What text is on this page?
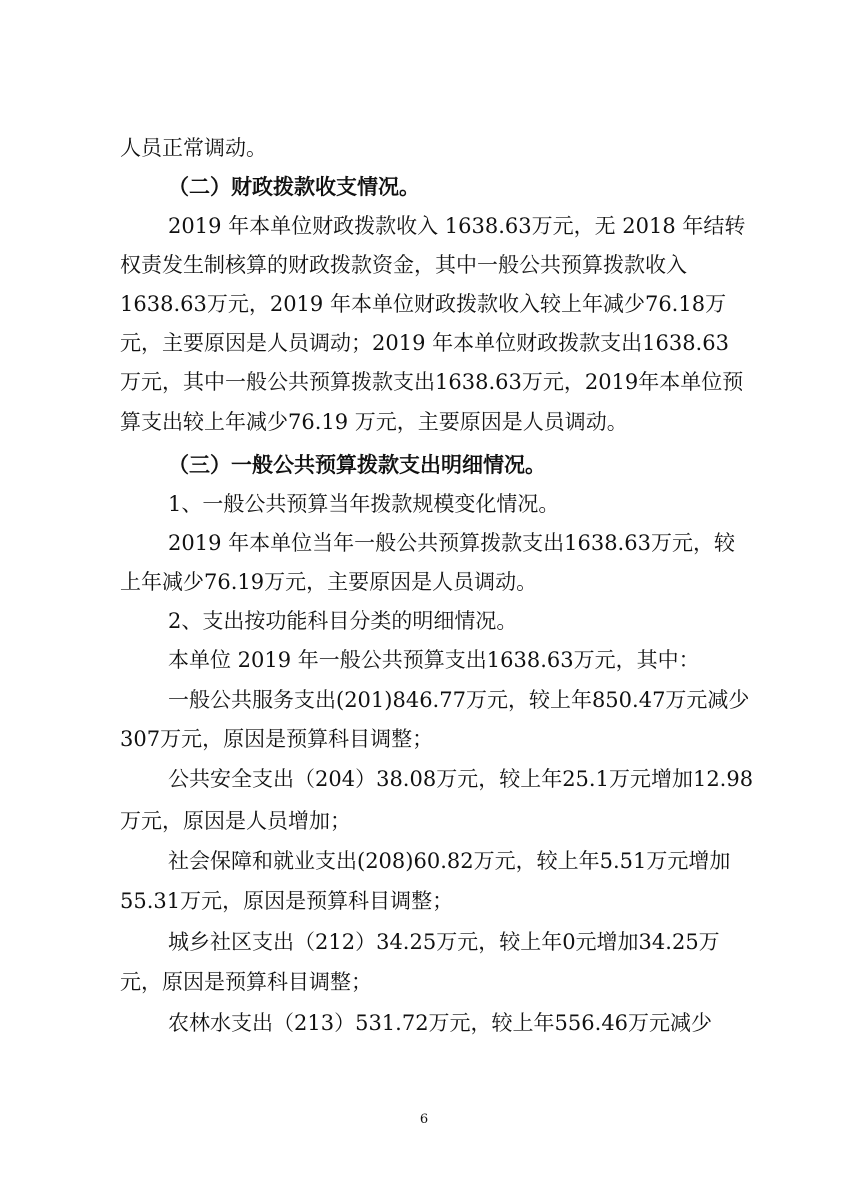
人员正常调动。
（二）财政拨款收支情况。
2019 年本单位财政拨款收入 1638.63万元，无 2018 年结转
权责发生制核算的财政拨款资金，其中一般公共预算拨款收入
1638.63万元，2019 年本单位财政拨款收入较上年减少76.18万
元，主要原因是人员调动；2019 年本单位财政拨款支出1638.63
万元，其中一般公共预算拨款支出1638.63万元，2019年本单位预
算支出较上年减少76.19 万元，主要原因是人员调动。
（三）一般公共预算拨款支出明细情况。
1、一般公共预算当年拨款规模变化情况。
2019 年本单位当年一般公共预算拨款支出1638.63万元，较
上年减少76.19万元，主要原因是人员调动。
2、支出按功能科目分类的明细情况。
本单位 2019 年一般公共预算支出1638.63万元，其中：
一般公共服务支出(201)846.77万元，较上年850.47万元减少
307万元，原因是预算科目调整；
公共安全支出（204）38.08万元，较上年25.1万元增加12.98
万元，原因是人员增加；
社会保障和就业支出(208)60.82万元，较上年5.51万元增加
55.31万元，原因是预算科目调整；
城乡社区支出（212）34.25万元，较上年0元增加34.25万
元，原因是预算科目调整；
农林水支出（213）531.72万元，较上年556.46万元减少
6
